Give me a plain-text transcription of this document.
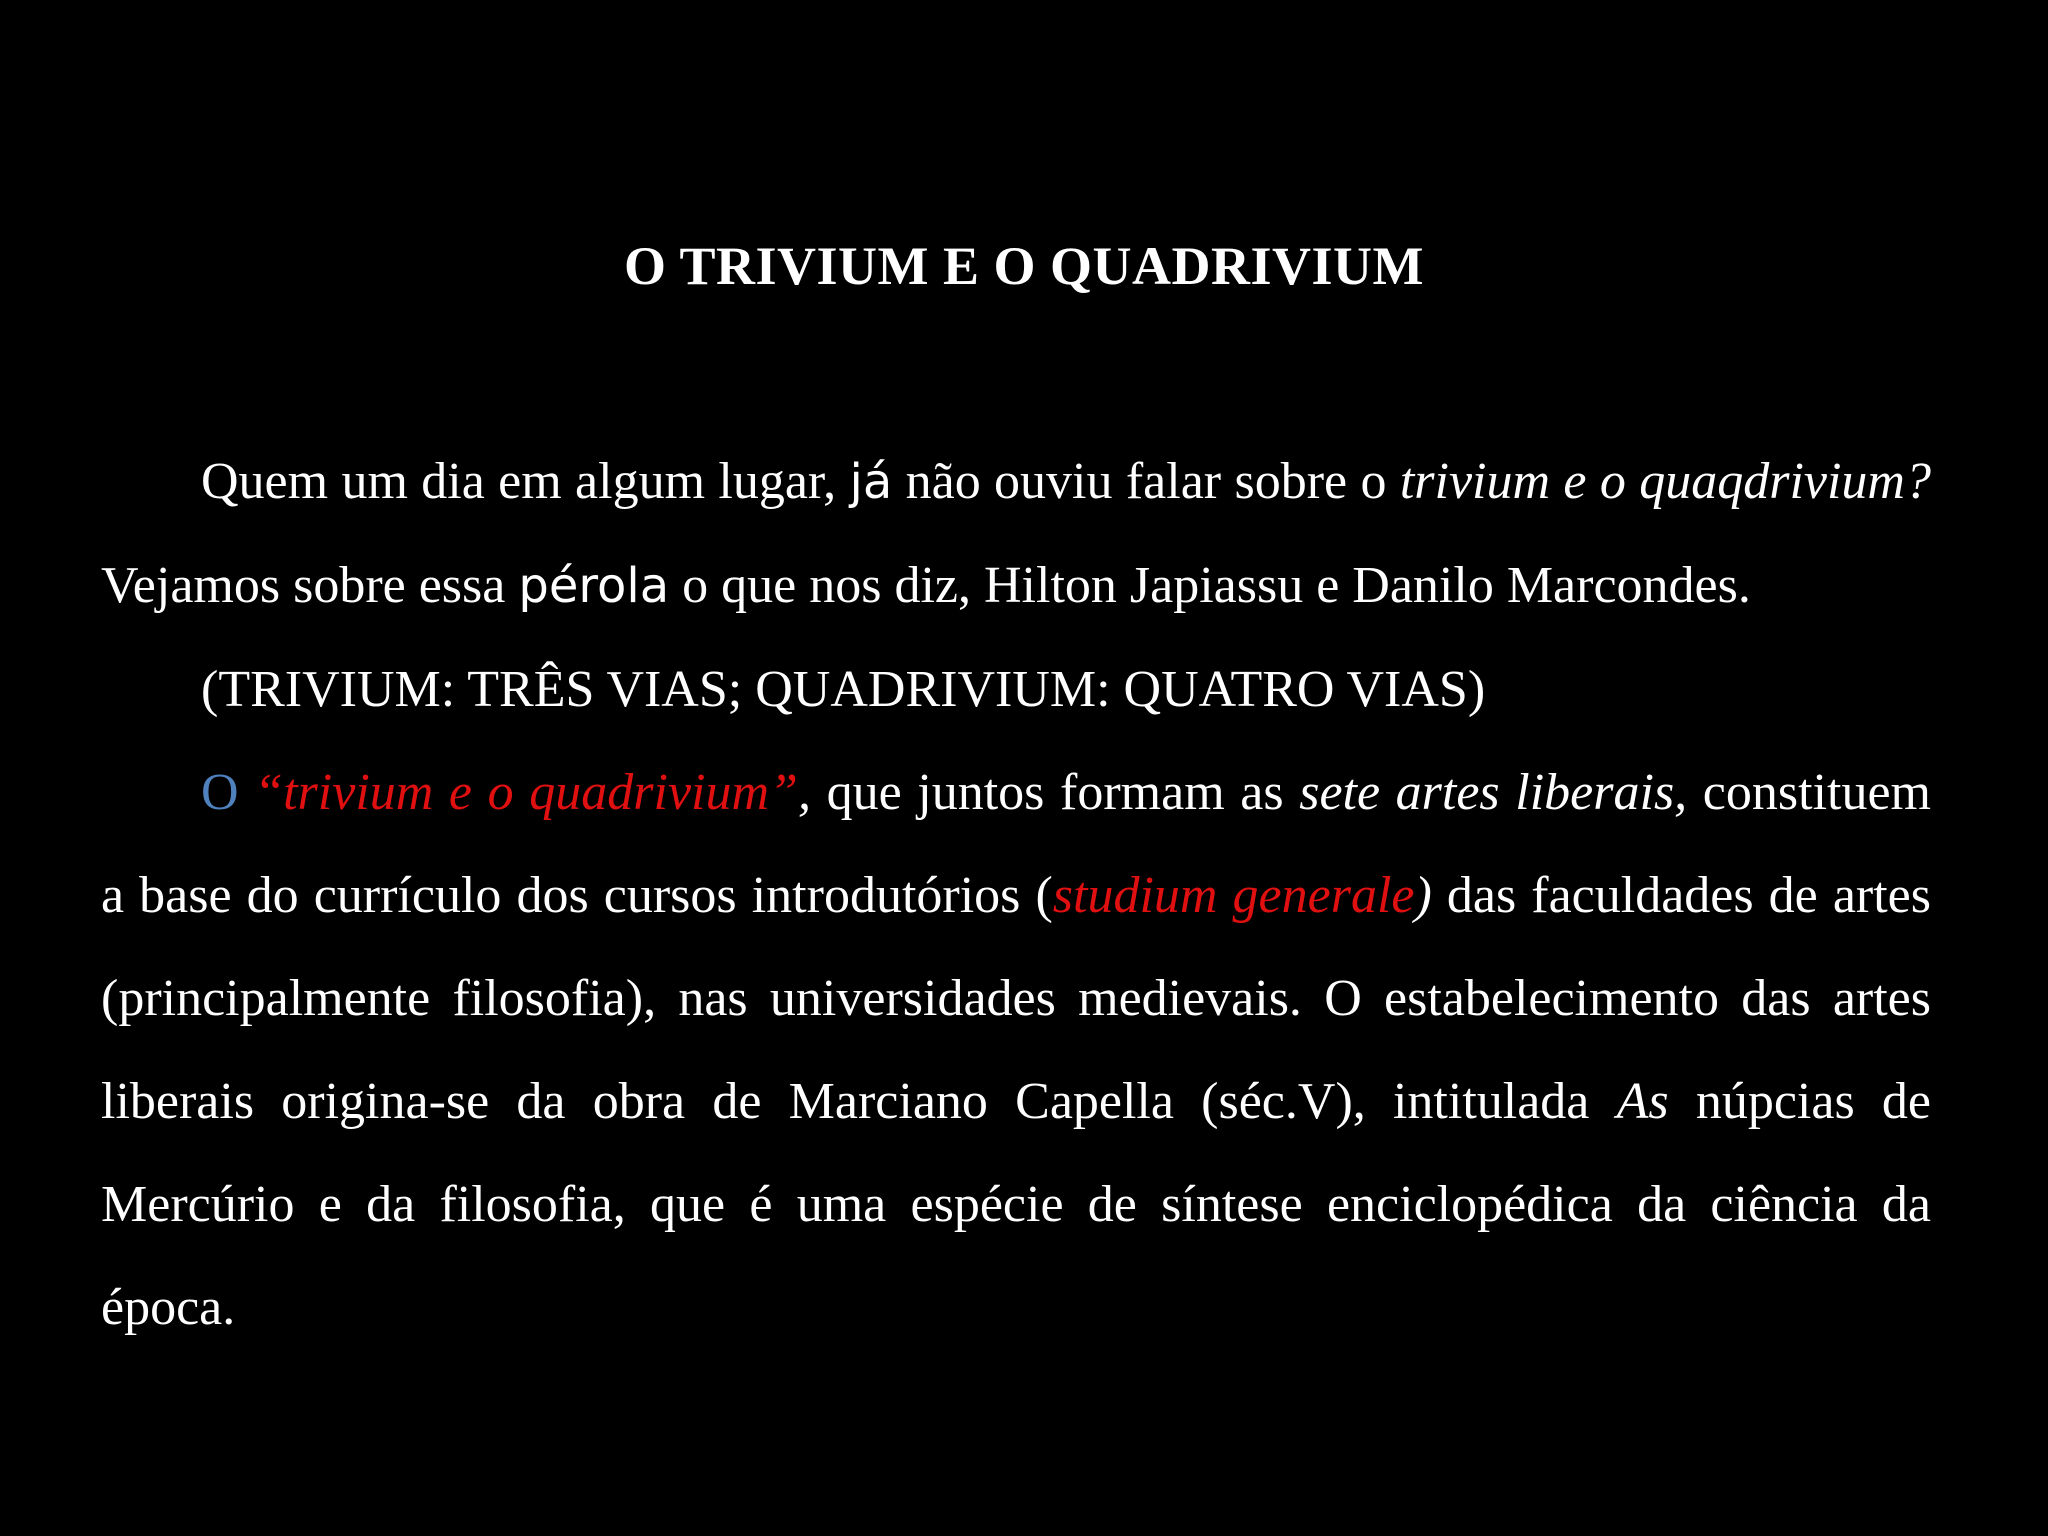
O TRIVIUM E O QUADRIVIUM

Quem um dia em algum lugar, já não ouviu falar sobre o trivium e o quaqdrivium? Vejamos sobre essa pérola o que nos diz, Hilton Japiassu e Danilo Marcondes.

(TRIVIUM: TRÊS VIAS; QUADRIVIUM: QUATRO VIAS)

O “trivium e o quadrivium”, que juntos formam as sete artes liberais, constituem a base do currículo dos cursos introdutórios (studium generale) das faculdades de artes (principalmente filosofia), nas universidades medievais. O estabelecimento das artes liberais origina-se da obra de Marciano Capella (séc.V), intitulada As núpcias de Mercúrio e da filosofia, que é uma espécie de síntese enciclopédica da ciência da época.
